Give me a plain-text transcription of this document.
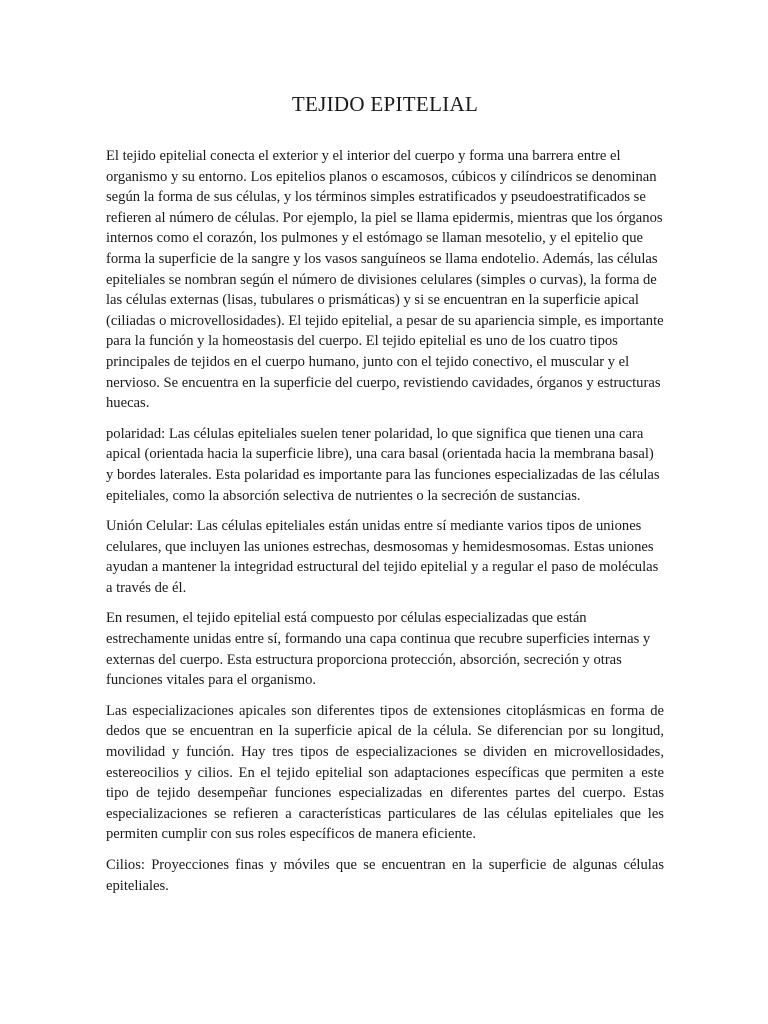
TEJIDO EPITELIAL

El tejido epitelial conecta el exterior y el interior del cuerpo y forma una barrera entre el organismo y su entorno. Los epitelios planos o escamosos, cúbicos y cilíndricos se denominan según la forma de sus células, y los términos simples estratificados y pseudoestratificados se refieren al número de células. Por ejemplo, la piel se llama epidermis, mientras que los órganos internos como el corazón, los pulmones y el estómago se llaman mesotelio, y el epitelio que forma la superficie de la sangre y los vasos sanguíneos se llama endotelio. Además, las células epiteliales se nombran según el número de divisiones celulares (simples o curvas), la forma de las células externas (lisas, tubulares o prismáticas) y si se encuentran en la superficie apical (ciliadas o microvellosidades). El tejido epitelial, a pesar de su apariencia simple, es importante para la función y la homeostasis del cuerpo. El tejido epitelial es uno de los cuatro tipos principales de tejidos en el cuerpo humano, junto con el tejido conectivo, el muscular y el nervioso. Se encuentra en la superficie del cuerpo, revistiendo cavidades, órganos y estructuras huecas.

polaridad: Las células epiteliales suelen tener polaridad, lo que significa que tienen una cara apical (orientada hacia la superficie libre), una cara basal (orientada hacia la membrana basal) y bordes laterales. Esta polaridad es importante para las funciones especializadas de las células epiteliales, como la absorción selectiva de nutrientes o la secreción de sustancias.

Unión Celular: Las células epiteliales están unidas entre sí mediante varios tipos de uniones celulares, que incluyen las uniones estrechas, desmosomas y hemidesmosomas. Estas uniones ayudan a mantener la integridad estructural del tejido epitelial y a regular el paso de moléculas a través de él.

En resumen, el tejido epitelial está compuesto por células especializadas que están estrechamente unidas entre sí, formando una capa continua que recubre superficies internas y externas del cuerpo. Esta estructura proporciona protección, absorción, secreción y otras funciones vitales para el organismo.

Las especializaciones apicales son diferentes tipos de extensiones citoplásmicas en forma de dedos que se encuentran en la superficie apical de la célula. Se diferencian por su longitud, movilidad y función. Hay tres tipos de especializaciones se dividen en microvellosidades, estereocilios y cilios. En el tejido epitelial son adaptaciones específicas que permiten a este tipo de tejido desempeñar funciones especializadas en diferentes partes del cuerpo. Estas especializaciones se refieren a características particulares de las células epiteliales que les permiten cumplir con sus roles específicos de manera eficiente.

Cilios: Proyecciones finas y móviles que se encuentran en la superficie de algunas células epiteliales.
